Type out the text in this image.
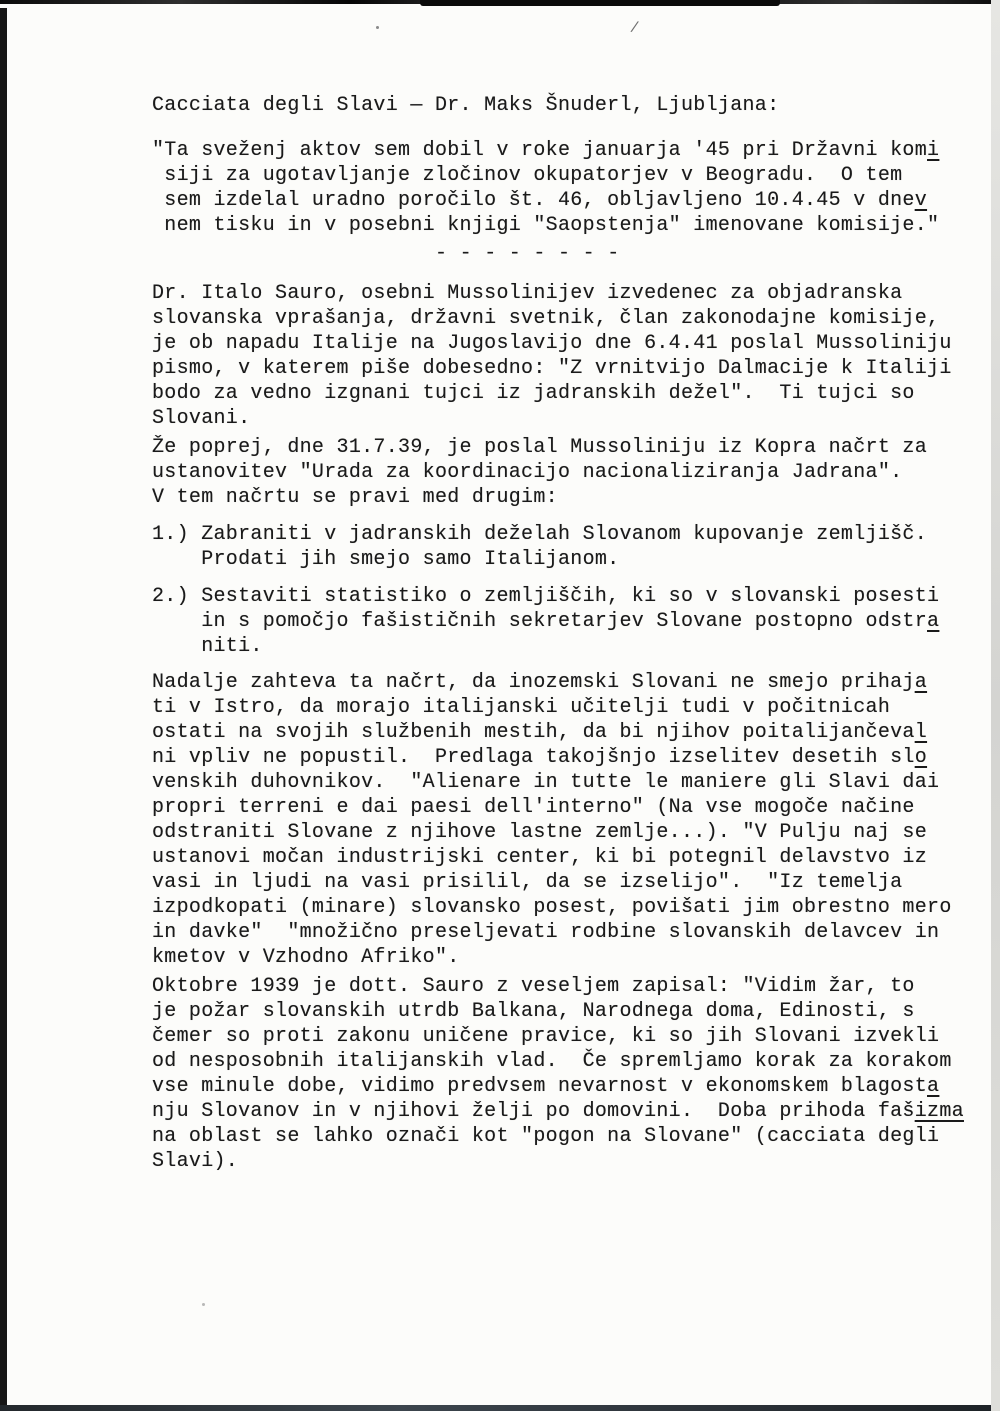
/
Cacciata degli Slavi — Dr. Maks Šnuderl, Ljubljana:
"Ta sveženj aktov sem dobil v roke januarja '45 pri Državni komi
siji za ugotavljanje zločinov okupatorjev v Beogradu.  O tem
sem izdelal uradno poročilo št. 46, obljavljeno 10.4.45 v dnev
nem tisku in v posebni knjigi "Saopstenja" imenovane komisije."
- - - - - - - -
Dr. Italo Sauro, osebni Mussolinijev izvedenec za objadranska
slovanska vprašanja, državni svetnik, član zakonodajne komisije,
je ob napadu Italije na Jugoslavijo dne 6.4.41 poslal Mussoliniju
pismo, v katerem piše dobesedno: "Z vrnitvijo Dalmacije k Italiji
bodo za vedno izgnani tujci iz jadranskih dežel".  Ti tujci so
Slovani.
Že poprej, dne 31.7.39, je poslal Mussoliniju iz Kopra načrt za
ustanovitev "Urada za koordinacijo nacionaliziranja Jadrana".
V tem načrtu se pravi med drugim:
1.) Zabraniti v jadranskih deželah Slovanom kupovanje zemljišč.
Prodati jih smejo samo Italijanom.
2.) Sestaviti statistiko o zemljiščih, ki so v slovanski posesti
in s pomočjo fašističnih sekretarjev Slovane postopno odstra
niti.
Nadalje zahteva ta načrt, da inozemski Slovani ne smejo prihaja
ti v Istro, da morajo italijanski učitelji tudi v počitnicah
ostati na svojih službenih mestih, da bi njihov poitalijančeval
ni vpliv ne popustil.  Predlaga takojšnjo izselitev desetih slo
venskih duhovnikov.  "Alienare in tutte le maniere gli Slavi dai
propri terreni e dai paesi dell'interno" (Na vse mogoče načine
odstraniti Slovane z njihove lastne zemlje...). "V Pulju naj se
ustanovi močan industrijski center, ki bi potegnil delavstvo iz
vasi in ljudi na vasi prisilil, da se izselijo".  "Iz temelja
izpodkopati (minare) slovansko posest, povišati jim obrestno mero
in davke"  "množično preseljevati rodbine slovanskih delavcev in
kmetov v Vzhodno Afriko".
Oktobre 1939 je dott. Sauro z veseljem zapisal: "Vidim žar, to
je požar slovanskih utrdb Balkana, Narodnega doma, Edinosti, s
čemer so proti zakonu uničene pravice, ki so jih Slovani izvekli
od nesposobnih italijanskih vlad.  Če spremljamo korak za korakom
vse minule dobe, vidimo predvsem nevarnost v ekonomskem blagosta
nju Slovanov in v njihovi želji po domovini.  Doba prihoda fašizma
na oblast se lahko označi kot "pogon na Slovane" (cacciata degli
Slavi).
